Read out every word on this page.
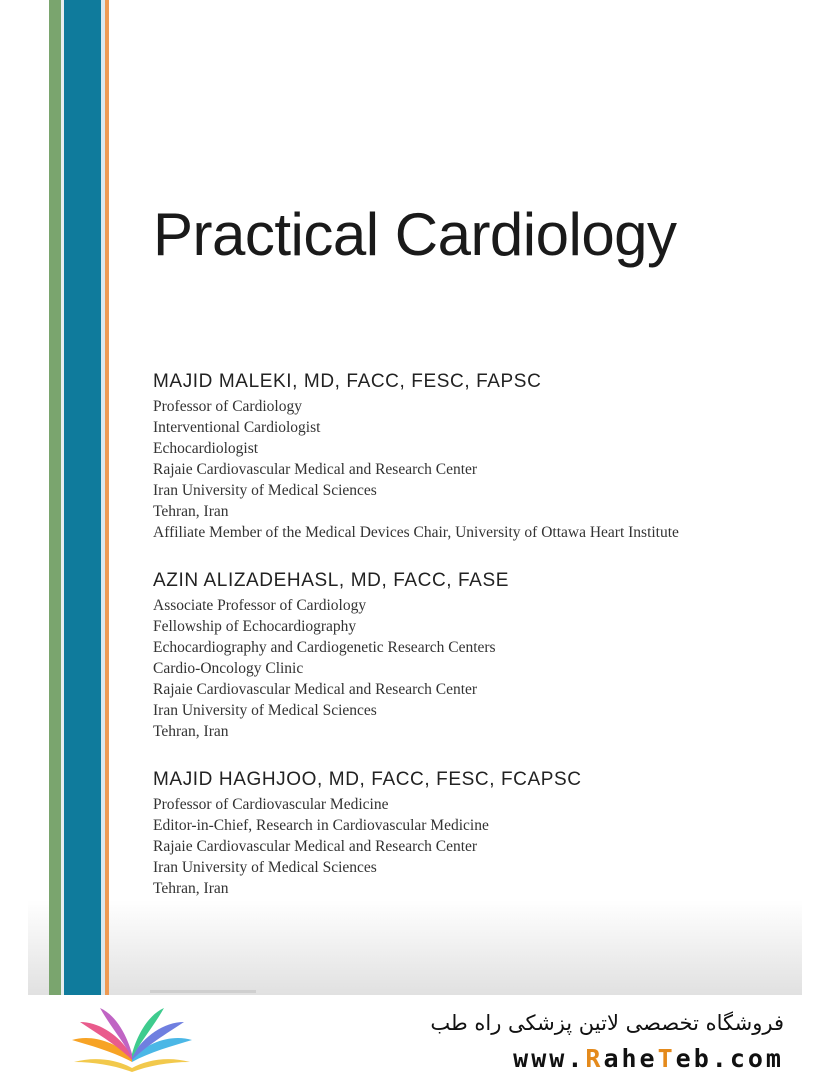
Practical Cardiology

MAJID MALEKI, MD, FACC, FESC, FAPSC

Professor of Cardiology
Interventional Cardiologist
Echocardiologist
Rajaie Cardiovascular Medical and Research Center
Iran University of Medical Sciences
Tehran, Iran
Affiliate Member of the Medical Devices Chair, University of Ottawa Heart Institute

AZIN ALIZADEHASL, MD, FACC, FASE

Associate Professor of Cardiology
Fellowship of Echocardiography
Echocardiography and Cardiogenetic Research Centers
Cardio-Oncology Clinic
Rajaie Cardiovascular Medical and Research Center
Iran University of Medical Sciences
Tehran, Iran

MAJID HAGHJOO, MD, FACC, FESC, FCAPSC

Professor of Cardiovascular Medicine
Editor-in-Chief, Research in Cardiovascular Medicine
Rajaie Cardiovascular Medical and Research Center
Iran University of Medical Sciences
Tehran, Iran

فروشگاه تخصصی لاتین پزشکی راه طب

www.RaheTeb.com
